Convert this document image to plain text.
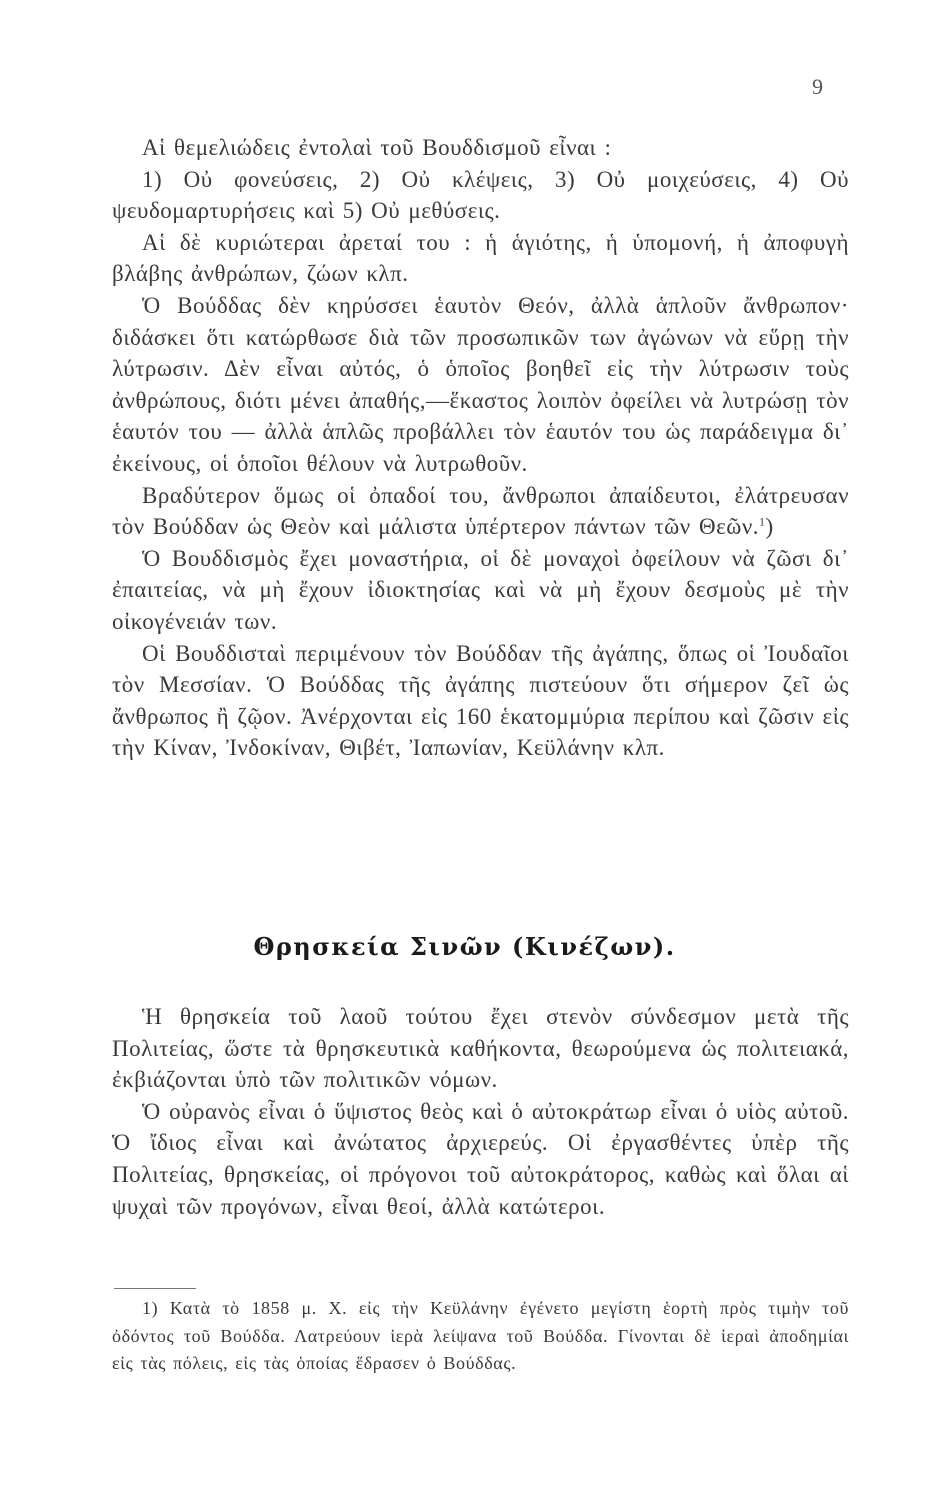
9

Αἱ θεμελιώδεις ἐντολαὶ τοῦ Βουδδισμοῦ εἶναι :

1) Οὐ φονεύσεις, 2) Οὐ κλέψεις, 3) Οὐ μοιχεύσεις, 4) Οὐ ψευδομαρτυρήσεις καὶ 5) Οὐ μεθύσεις.

Αἱ δὲ κυριώτεραι ἀρεταί του : ἡ ἁγιότης, ἡ ὑπομονή, ἡ ἀποφυγὴ βλάβης ἀνθρώπων, ζώων κλπ.

Ὁ Βούδδας δὲν κηρύσσει ἑαυτὸν Θεόν, ἀλλὰ ἁπλοῦν ἄνθρωπον· διδάσκει ὅτι κατώρθωσε διὰ τῶν προσωπικῶν των ἀγώνων νὰ εὕρῃ τὴν λύτρωσιν. Δὲν εἶναι αὐτός, ὁ ὁποῖος βοηθεῖ εἰς τὴν λύτρωσιν τοὺς ἀνθρώπους, διότι μένει ἀπαθής,—ἕκαστος λοιπὸν ὀφείλει νὰ λυτρώσῃ τὸν ἑαυτόν του — ἀλλὰ ἁπλῶς προβάλλει τὸν ἑαυτόν του ὡς παράδειγμα δι᾽ ἐκείνους, οἱ ὁποῖοι θέλουν νὰ λυτρωθοῦν.

Βραδύτερον ὅμως οἱ ὀπαδοί του, ἄνθρωποι ἀπαίδευτοι, ἐλάτρευσαν τὸν Βούδδαν ὡς Θεὸν καὶ μάλιστα ὑπέρτερον πάντων τῶν Θεῶν.$^1$)

Ὁ Βουδδισμὸς ἔχει μοναστήρια, οἱ δὲ μοναχοὶ ὀφείλουν νὰ ζῶσι δι᾽ ἐπαιτείας, νὰ μὴ ἔχουν ἰδιοκτησίας καὶ νὰ μὴ ἔχουν δεσμοὺς μὲ τὴν οἰκογένειάν των.

Οἱ Βουδδισταὶ περιμένουν τὸν Βούδδαν τῆς ἀγάπης, ὅπως οἱ Ἰουδαῖοι τὸν Μεσσίαν. Ὁ Βούδδας τῆς ἀγάπης πιστεύουν ὅτι σήμερον ζεῖ ὡς ἄνθρωπος ἢ ζῷον. Ἀνέρχονται εἰς 160 ἑκατομμύρια περίπου καὶ ζῶσιν εἰς τὴν Κίναν, Ἰνδοκίναν, Θιβέτ, Ἰαπωνίαν, Κεϋλάνην κλπ.

Θρησκεία Σινῶν (Κινέζων).

Ἡ θρησκεία τοῦ λαοῦ τούτου ἔχει στενὸν σύνδεσμον μετὰ τῆς Πολιτείας, ὥστε τὰ θρησκευτικὰ καθήκοντα, θεωρούμενα ὡς πολιτειακά, ἐκβιάζονται ὑπὸ τῶν πολιτικῶν νόμων.

Ὁ οὐρανὸς εἶναι ὁ ὕψιστος θεὸς καὶ ὁ αὐτοκράτωρ εἶναι ὁ υἱὸς αὐτοῦ. Ὁ ἴδιος εἶναι καὶ ἀνώτατος ἀρχιερεύς. Οἱ ἐργασθέντες ὑπὲρ τῆς Πολιτείας, θρησκείας, οἱ πρόγονοι τοῦ αὐτοκράτορος, καθὼς καὶ ὅλαι αἱ ψυχαὶ τῶν προγόνων, εἶναι θεοί, ἀλλὰ κατώτεροι.

1) Κατὰ τὸ 1858 μ. Χ. εἰς τὴν Κεϋλάνην ἐγένετο μεγίστη ἑορτὴ πρὸς τιμὴν τοῦ ὀδόντος τοῦ Βούδδα. Λατρεύουν ἱερὰ λείψανα τοῦ Βούδδα. Γίνονται δὲ ἱεραὶ ἀποδημίαι εἰς τὰς πόλεις, εἰς τὰς ὁποίας ἕδρασεν ὁ Βούδδας.
